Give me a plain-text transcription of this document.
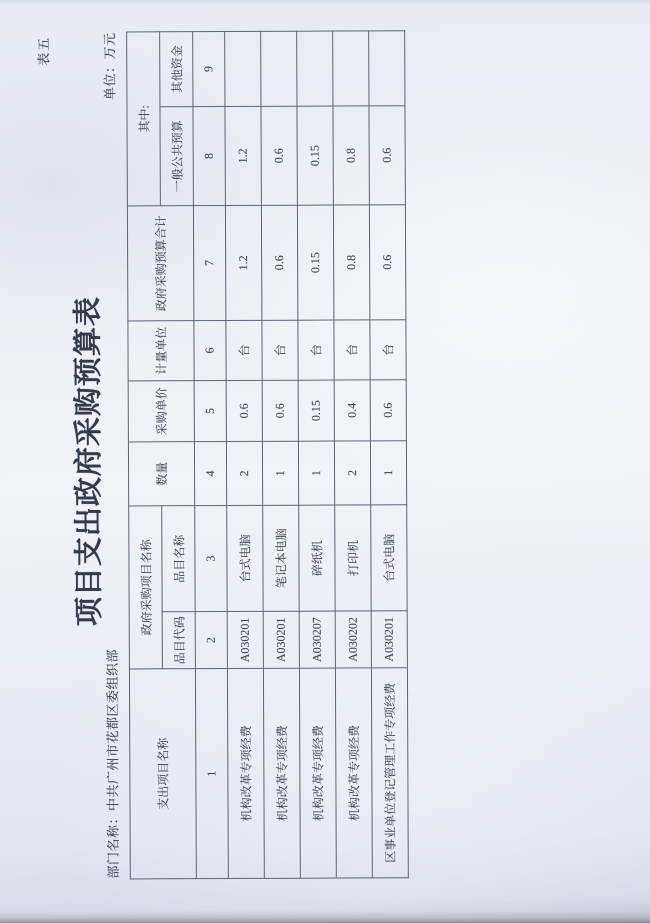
表五
项目支出政府采购预算表
部门名称：中共广州市花都区委组织部
单位：万元
支出项目名称	政府采购项目名称		数量	采购单价	计量单位	政府采购预算合计	其中:	
	品目代码	品目名称					一般公共预算	其他资金
1	2	3	4	5	6	7	8	9
机构改革专项经费	A030201	台式电脑	2	0.6	台	1.2	1.2	
机构改革专项经费	A030201	笔记本电脑	1	0.6	台	0.6	0.6	
机构改革专项经费	A030207	碎纸机	1	0.15	台	0.15	0.15	
机构改革专项经费	A030202	打印机	2	0.4	台	0.8	0.8	
区事业单位登记管理工作专项经费	A030201	台式电脑	1	0.6	台	0.6	0.6	
